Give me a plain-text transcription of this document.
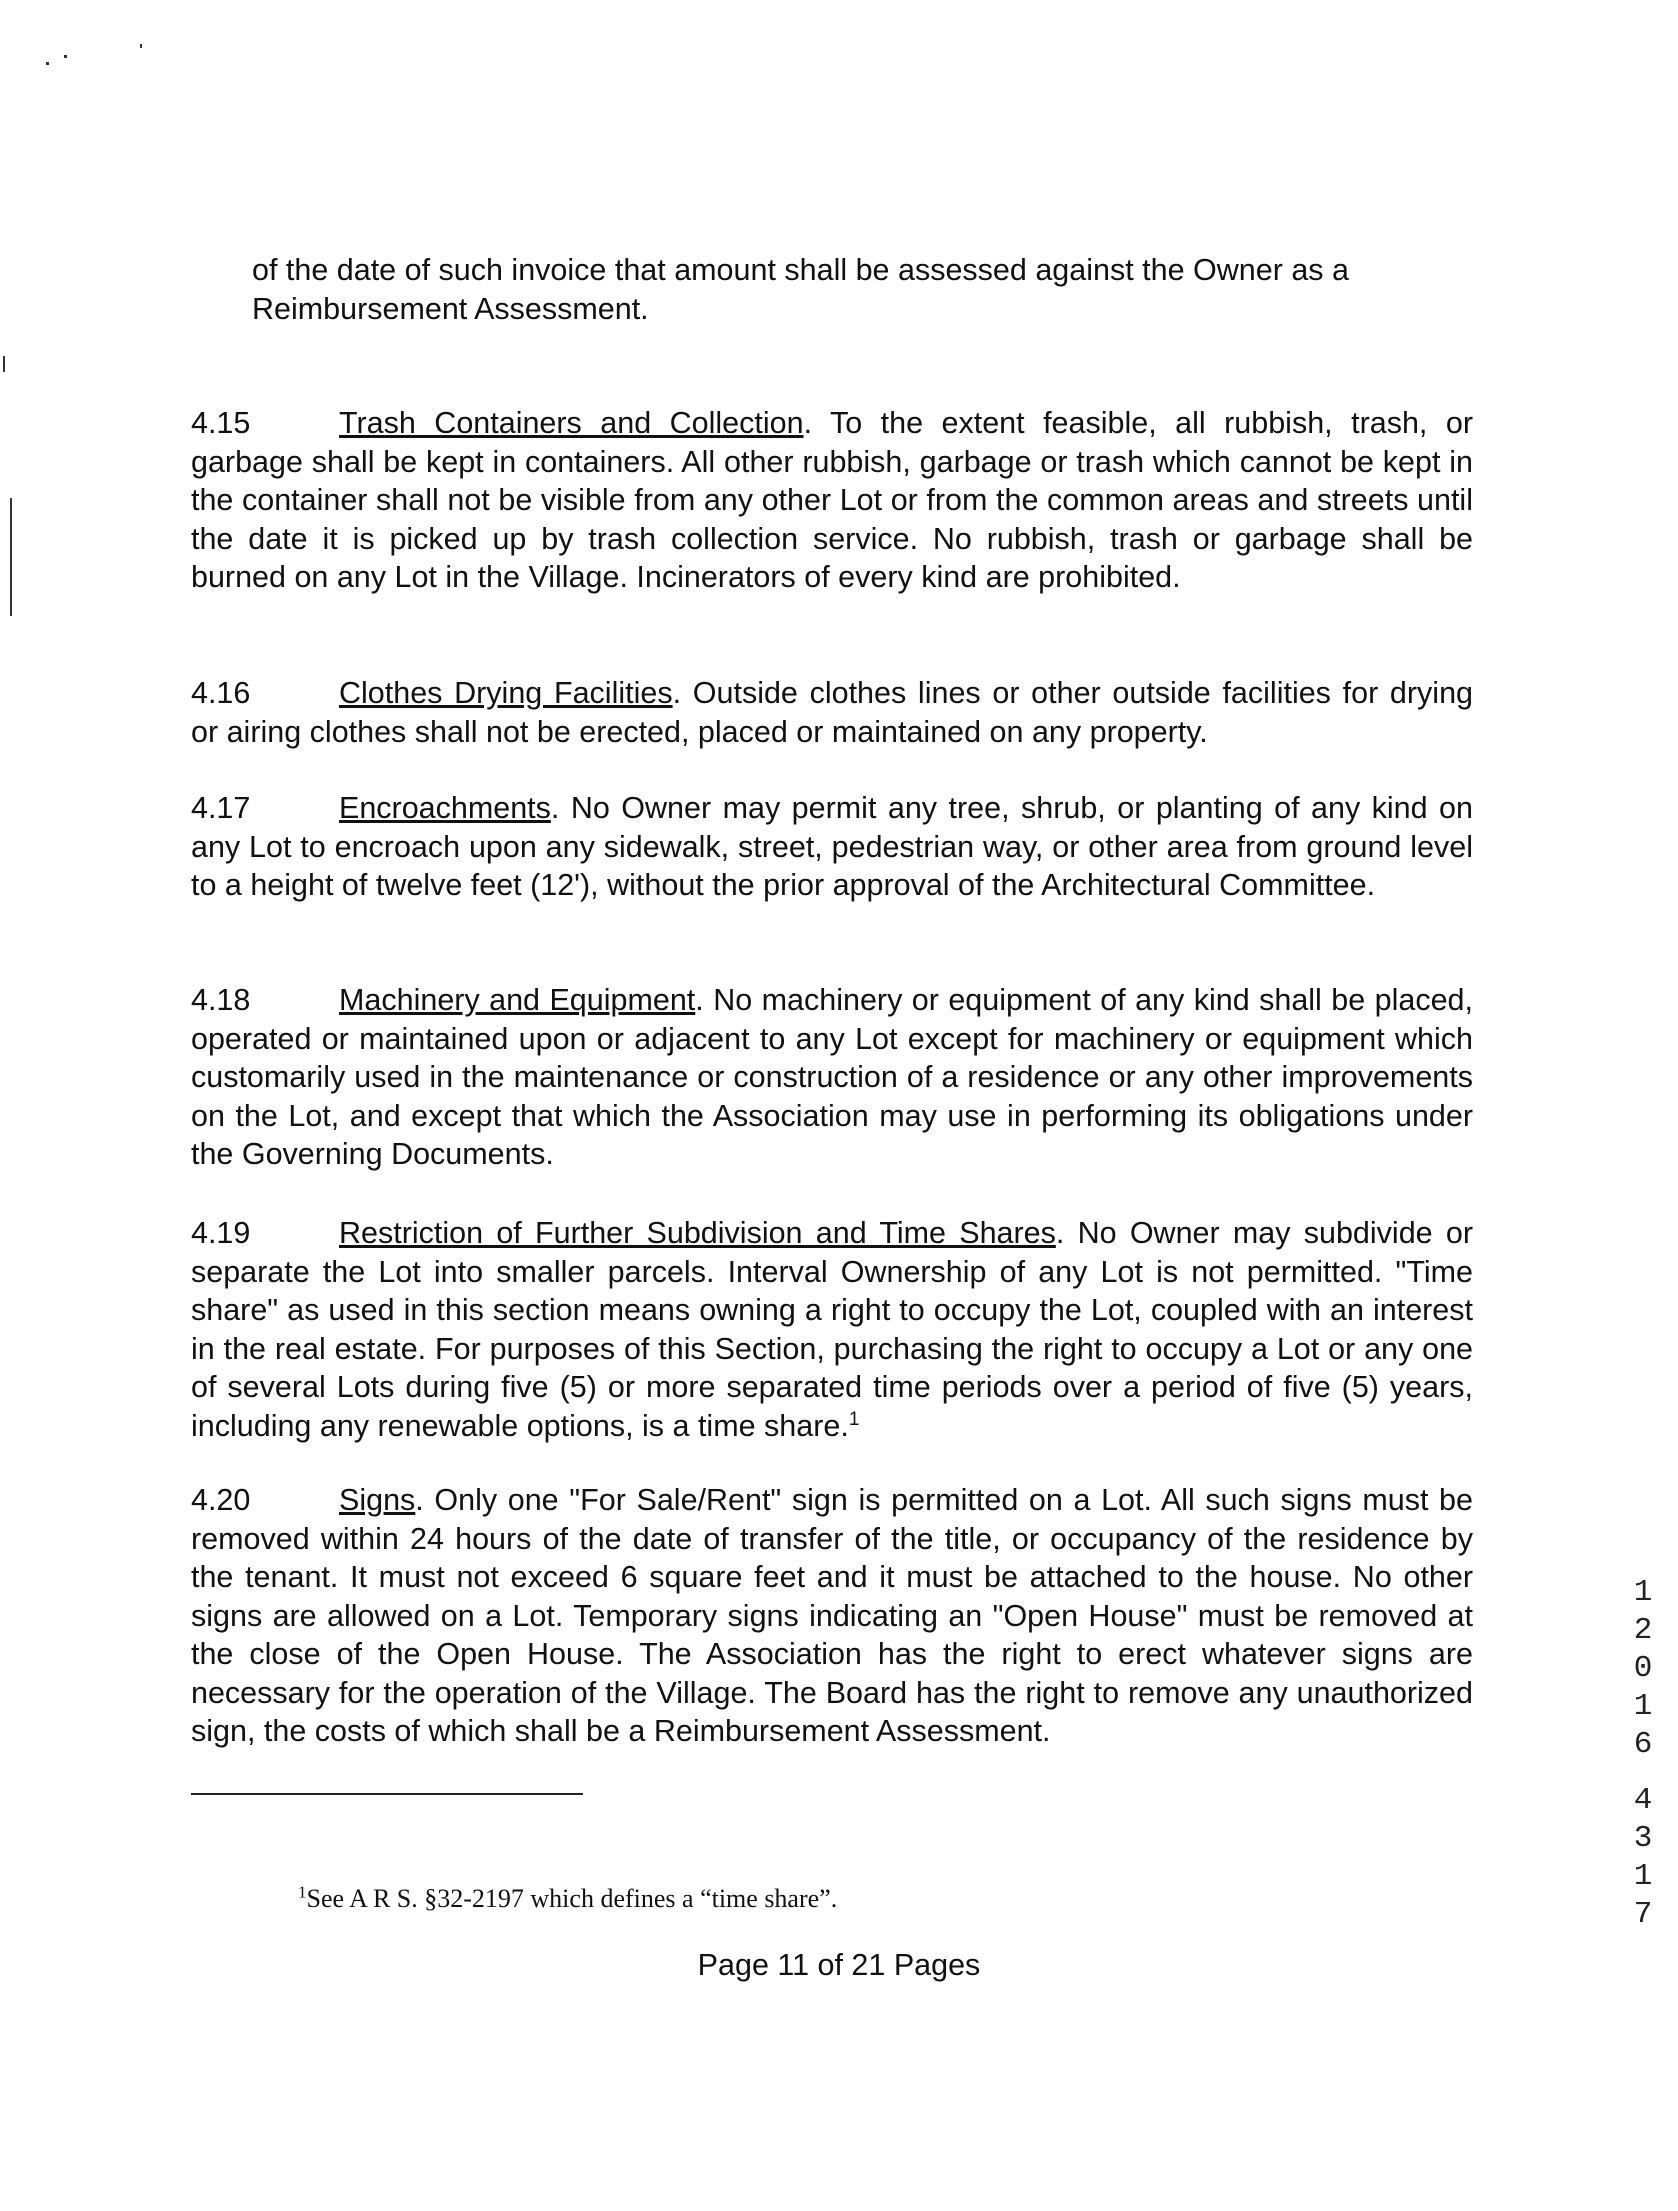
of the date of such invoice that amount shall be assessed against the Owner as a Reimbursement Assessment.
4.15	Trash Containers and Collection. To the extent feasible, all rubbish, trash, or garbage shall be kept in containers. All other rubbish, garbage or trash which cannot be kept in the container shall not be visible from any other Lot or from the common areas and streets until the date it is picked up by trash collection service. No rubbish, trash or garbage shall be burned on any Lot in the Village. Incinerators of every kind are prohibited.
4.16	Clothes Drying Facilities. Outside clothes lines or other outside facilities for drying or airing clothes shall not be erected, placed or maintained on any property.
4.17	Encroachments. No Owner may permit any tree, shrub, or planting of any kind on any Lot to encroach upon any sidewalk, street, pedestrian way, or other area from ground level to a height of twelve feet (12'), without the prior approval of the Architectural Committee.
4.18	Machinery and Equipment. No machinery or equipment of any kind shall be placed, operated or maintained upon or adjacent to any Lot except for machinery or equipment which customarily used in the maintenance or construction of a residence or any other improvements on the Lot, and except that which the Association may use in performing its obligations under the Governing Documents.
4.19	Restriction of Further Subdivision and Time Shares. No Owner may subdivide or separate the Lot into smaller parcels. Interval Ownership of any Lot is not permitted. "Time share" as used in this section means owning a right to occupy the Lot, coupled with an interest in the real estate. For purposes of this Section, purchasing the right to occupy a Lot or any one of several Lots during five (5) or more separated time periods over a period of five (5) years, including any renewable options, is a time share.$^1$
4.20	Signs. Only one "For Sale/Rent" sign is permitted on a Lot. All such signs must be removed within 24 hours of the date of transfer of the title, or occupancy of the residence by the tenant. It must not exceed 6 square feet and it must be attached to the house. No other signs are allowed on a Lot. Temporary signs indicating an "Open House" must be removed at the close of the Open House. The Association has the right to erect whatever signs are necessary for the operation of the Village. The Board has the right to remove any unauthorized sign, the costs of which shall be a Reimbursement Assessment.
$^1$See A R S. §32-2197 which defines a “time share”.
Page 11 of 21 Pages
1
2
0
1
6
4
3
1
7
